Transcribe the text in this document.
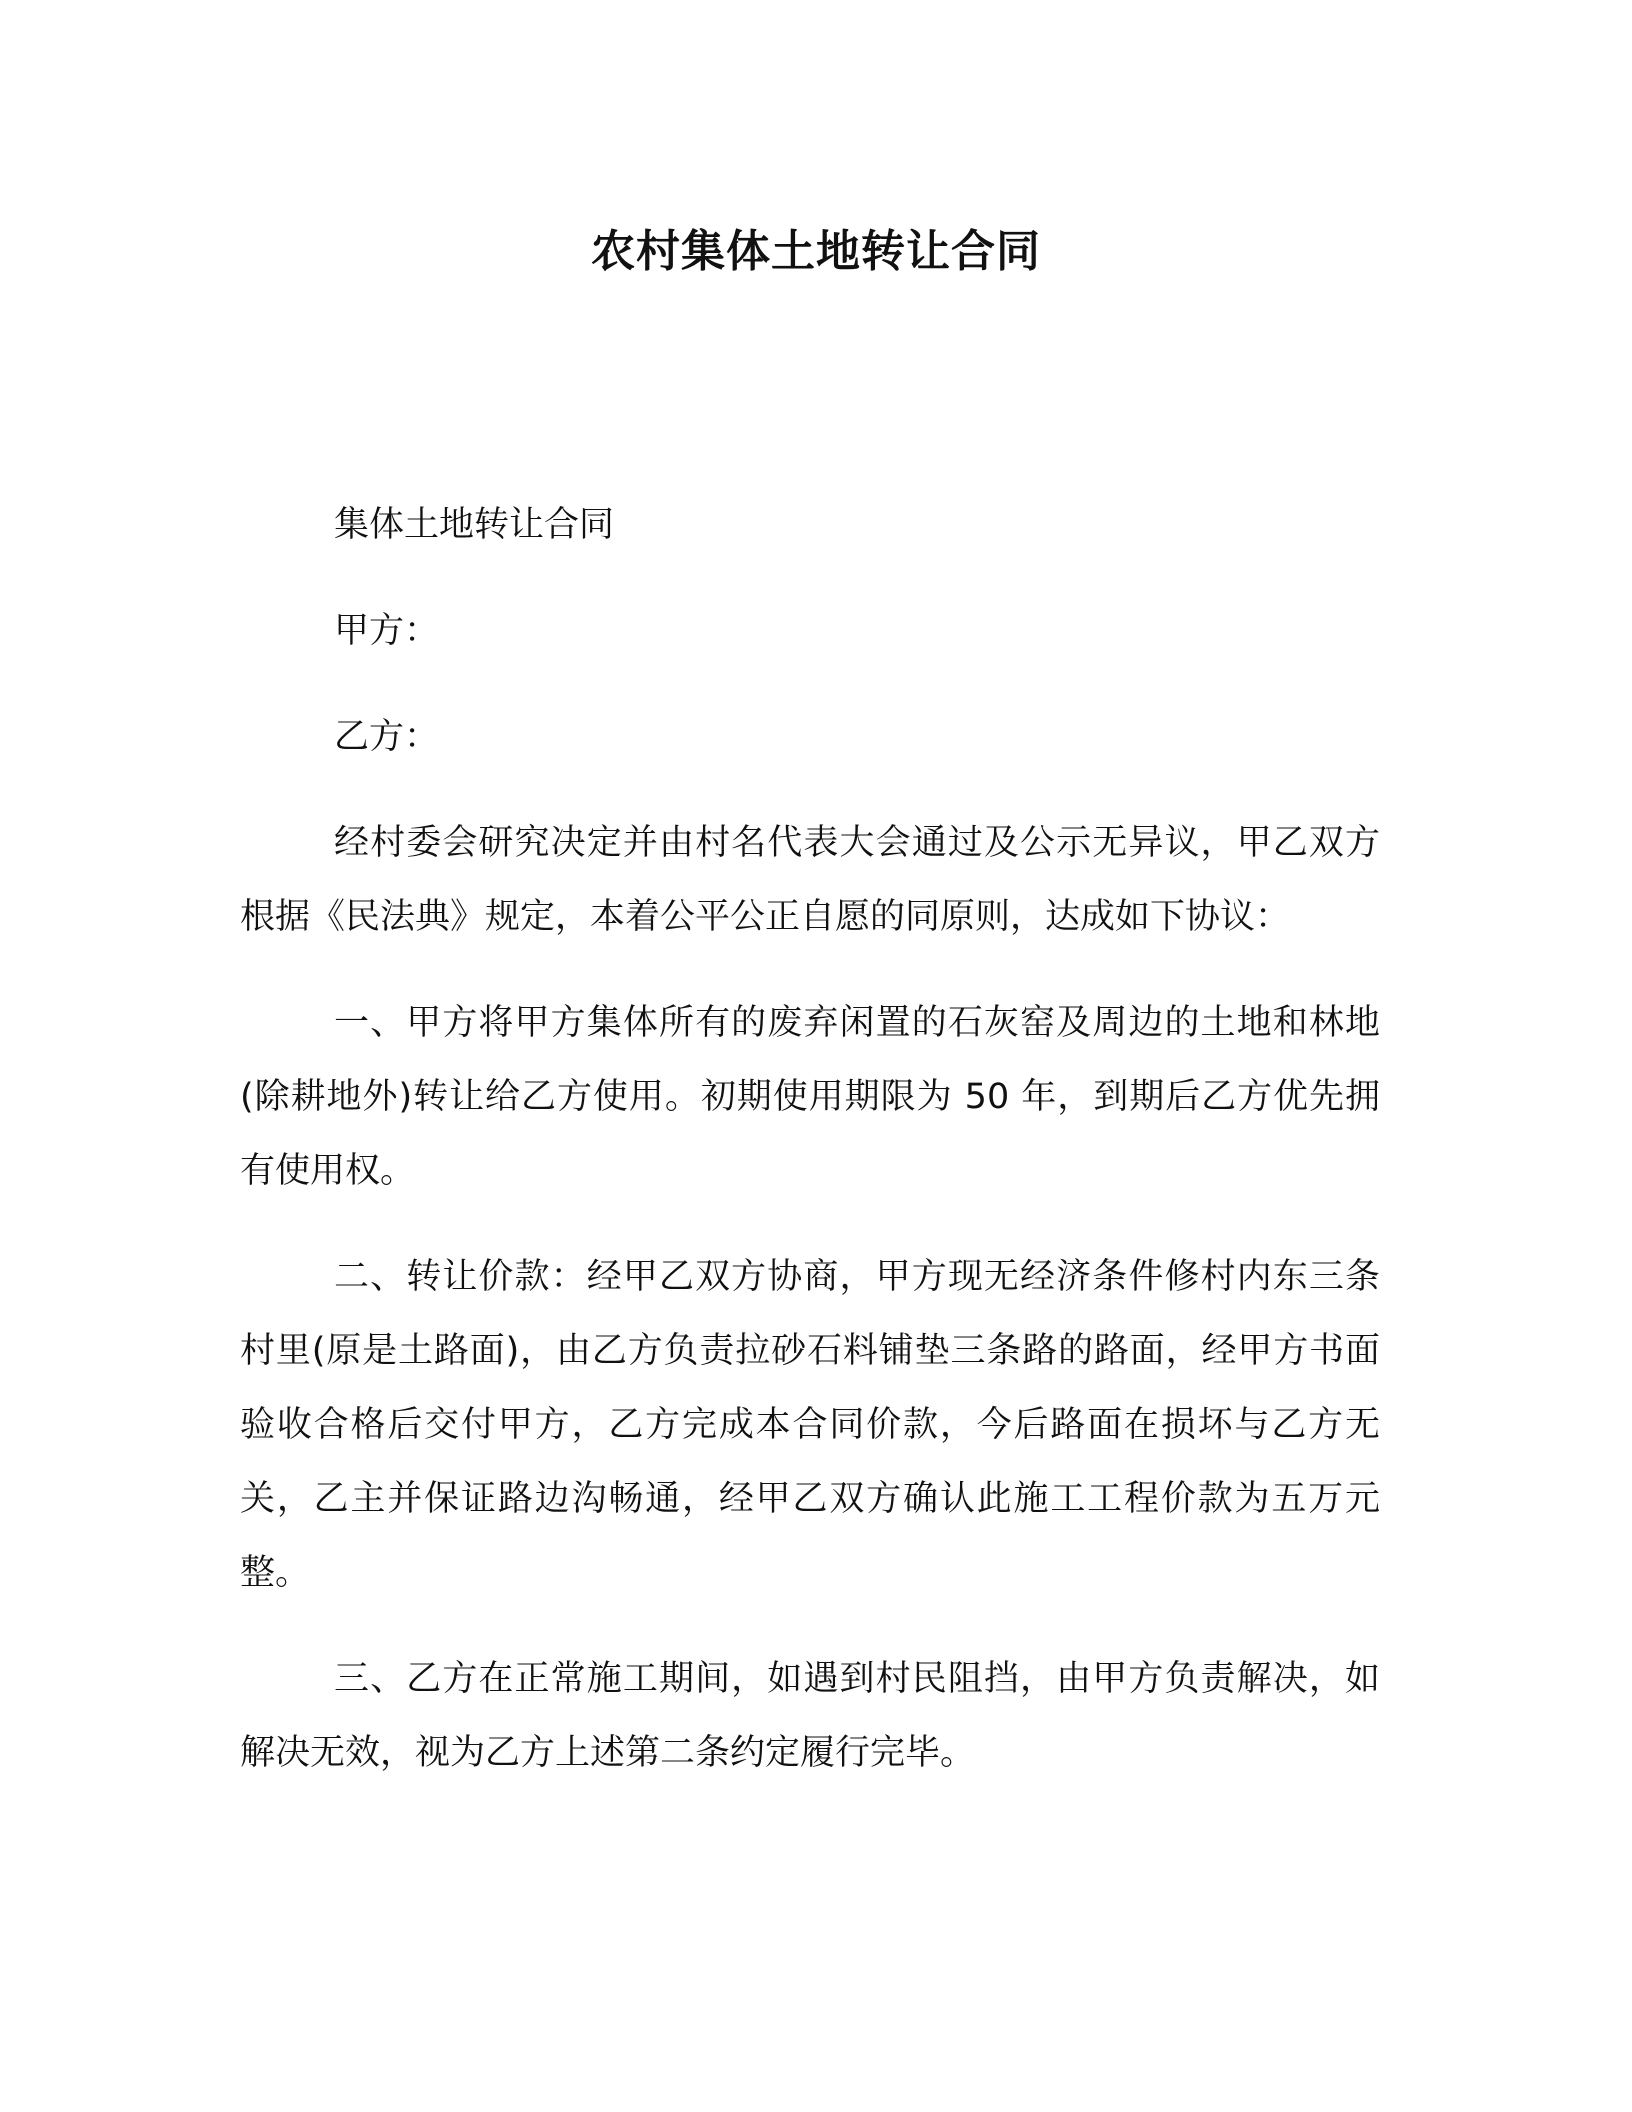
农村集体土地转让合同

集体土地转让合同

甲方：

乙方：

经村委会研究决定并由村名代表大会通过及公示无异议，甲乙双方根据《民法典》规定，本着公平公正自愿的同原则，达成如下协议：

一、甲方将甲方集体所有的废弃闲置的石灰窑及周边的土地和林地(除耕地外)转让给乙方使用。初期使用期限为 50 年，到期后乙方优先拥有使用权。

二、转让价款：经甲乙双方协商，甲方现无经济条件修村内东三条村里(原是土路面)，由乙方负责拉砂石料铺垫三条路的路面，经甲方书面验收合格后交付甲方，乙方完成本合同价款，今后路面在损坏与乙方无关，乙主并保证路边沟畅通，经甲乙双方确认此施工工程价款为五万元整。

三、乙方在正常施工期间，如遇到村民阻挡，由甲方负责解决，如解决无效，视为乙方上述第二条约定履行完毕。
